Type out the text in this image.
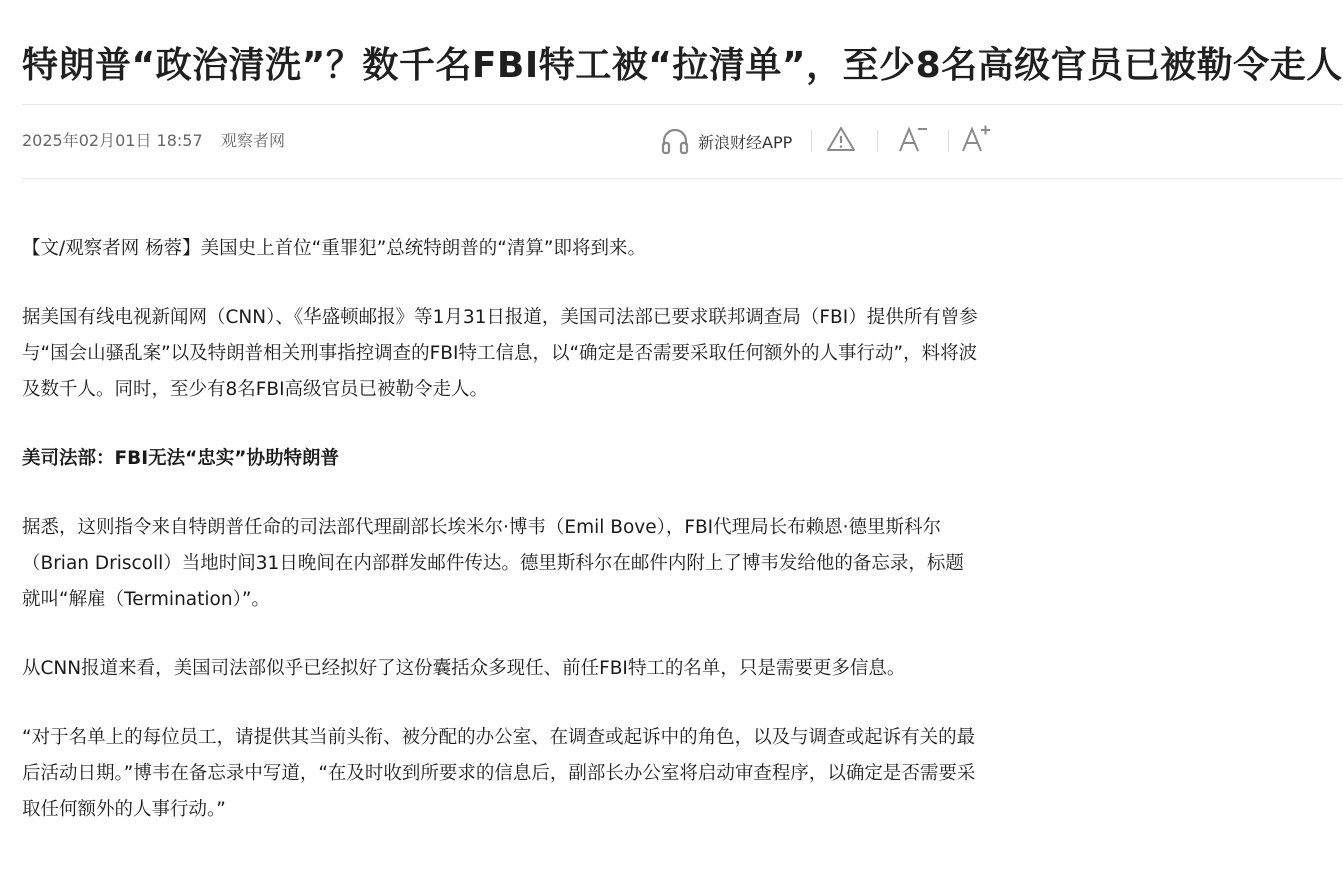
特朗普“政治清洗”？数千名FBI特工被“拉清单”，至少8名高级官员已被勒令走人
2025年02月01日 18:57 观察者网	新浪财经APP

【文/观察者网 杨蓉】美国史上首位“重罪犯”总统特朗普的“清算”即将到来。

据美国有线电视新闻网（CNN）、《华盛顿邮报》等1月31日报道，美国司法部已要求联邦调查局（FBI）提供所有曾参与“国会山骚乱案”以及特朗普相关刑事指控调查的FBI特工信息，以“确定是否需要采取任何额外的人事行动”，料将波及数千人。同时，至少有8名FBI高级官员已被勒令走人。

美司法部：FBI无法“忠实”协助特朗普

据悉，这则指令来自特朗普任命的司法部代理副部长埃米尔·博韦（Emil Bove），FBI代理局长布赖恩·德里斯科尔（Brian Driscoll）当地时间31日晚间在内部群发邮件传达。德里斯科尔在邮件内附上了博韦发给他的备忘录，标题就叫“解雇（Termination）”。

从CNN报道来看，美国司法部似乎已经拟好了这份囊括众多现任、前任FBI特工的名单，只是需要更多信息。

“对于名单上的每位员工，请提供其当前头衔、被分配的办公室、在调查或起诉中的角色，以及与调查或起诉有关的最后活动日期。”博韦在备忘录中写道，“在及时收到所要求的信息后，副部长办公室将启动审查程序，以确定是否需要采取任何额外的人事行动。”
